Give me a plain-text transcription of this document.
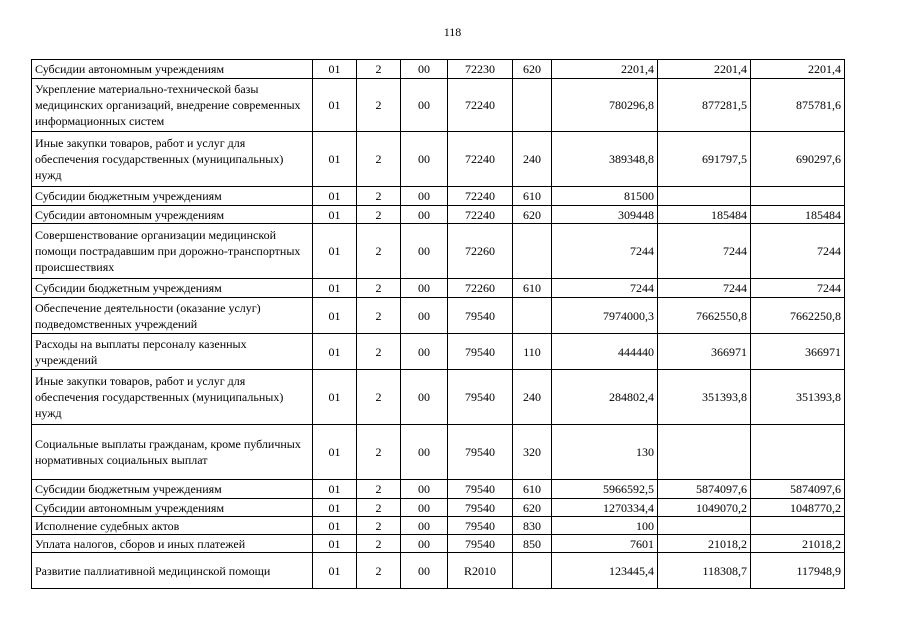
118
Субсидии автономным учреждениям	01	2	00	72230	620	2201,4	2201,4	2201,4
Укрепление материально-технической базы медицинских организаций, внедрение современных информационных систем	01	2	00	72240		780296,8	877281,5	875781,6
Иные закупки товаров, работ и услуг для обеспечения государственных (муниципальных) нужд	01	2	00	72240	240	389348,8	691797,5	690297,6
Субсидии бюджетным учреждениям	01	2	00	72240	610	81500		
Субсидии автономным учреждениям	01	2	00	72240	620	309448	185484	185484
Совершенствование организации медицинской помощи пострадавшим при дорожно-транспортных происшествиях	01	2	00	72260		7244	7244	7244
Субсидии бюджетным учреждениям	01	2	00	72260	610	7244	7244	7244
Обеспечение деятельности (оказание услуг) подведомственных учреждений	01	2	00	79540		7974000,3	7662550,8	7662250,8
Расходы на выплаты персоналу казенных учреждений	01	2	00	79540	110	444440	366971	366971
Иные закупки товаров, работ и услуг для обеспечения государственных (муниципальных) нужд	01	2	00	79540	240	284802,4	351393,8	351393,8
Социальные выплаты гражданам, кроме публичных нормативных социальных выплат	01	2	00	79540	320	130		
Субсидии бюджетным учреждениям	01	2	00	79540	610	5966592,5	5874097,6	5874097,6
Субсидии автономным учреждениям	01	2	00	79540	620	1270334,4	1049070,2	1048770,2
Исполнение судебных актов	01	2	00	79540	830	100		
Уплата налогов, сборов и иных платежей	01	2	00	79540	850	7601	21018,2	21018,2
Развитие паллиативной медицинской помощи	01	2	00	R2010		123445,4	118308,7	117948,9
